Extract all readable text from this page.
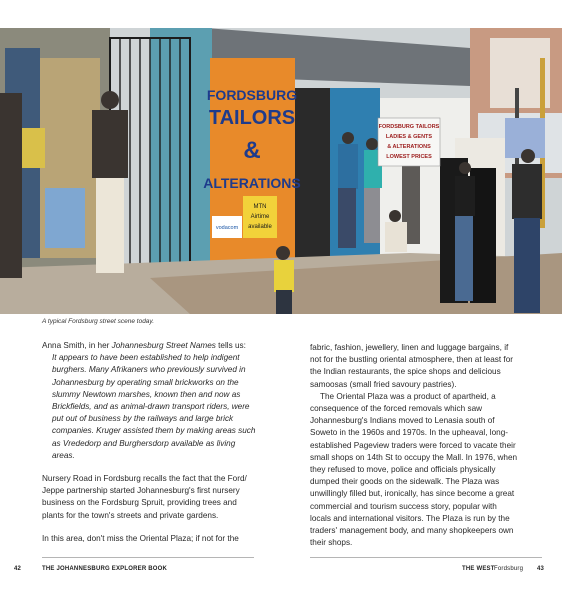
FORDSBURG
TAILORS
&
ALTERATIONS
MTN
Airtime
available
vodacom
FORDSBURG TAILORS
LADIES & GENTS
& ALTERATIONS
LOWEST PRICES
A typical Fordsburg street scene today.

Anna Smith, in her Johannesburg Street Names tells us:

It appears to have been established to help indigent burghers. Many Afrikaners who previously survived in Johannesburg by operating small brickworks on the slummy Newtown marshes, known then and now as Brickfields, and as animal-drawn transport riders, were put out of business by the railways and large brick companies. Kruger assisted them by making areas such as Vrededorp and Burghersdorp available as living areas.

Nursery Road in Fordsburg recalls the fact that the Ford/ Jeppe partnership started Johannesburg's first nursery business on the Fordsburg Spruit, providing trees and plants for the town's streets and private gardens.

In this area, don't miss the Oriental Plaza; if not for the

fabric, fashion, jewellery, linen and luggage bargains, if not for the bustling oriental atmosphere, then at least for the Indian restaurants, the spice shops and delicious samoosas (small fried savoury pastries).

The Oriental Plaza was a product of apartheid, a consequence of the forced removals which saw Johannesburg's Indians moved to Lenasia south of Soweto in the 1960s and 1970s. In the upheaval, long-established Pageview traders were forced to vacate their small shops on 14th St to occupy the Mall. In 1976, when they refused to move, police and officials physically dumped their goods on the sidewalk. The Plaza was unwillingly filled but, ironically, has since become a great commercial and tourism success story, popular with locals and international visitors. The Plaza is run by the traders' management body, and many shopkeepers own their shops.

42	THE JOHANNESBURG EXPLORER BOOK	THE WEST Fordsburg 43
